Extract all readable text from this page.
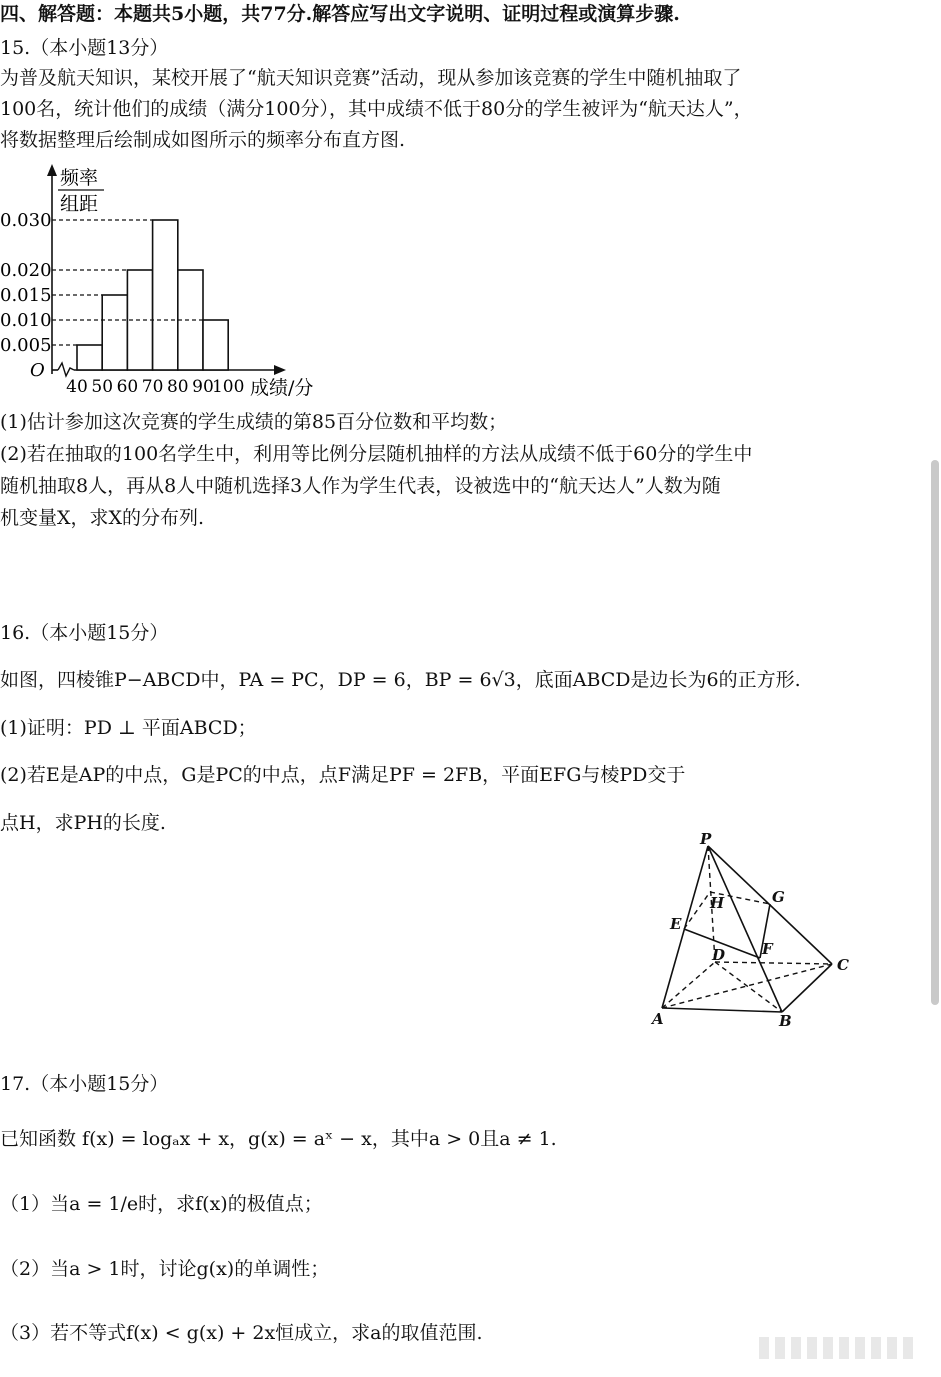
四、解答题：本题共5小题，共77分.解答应写出文字说明、证明过程或演算步骤.
15.（本小题13分）
为普及航天知识，某校开展了“航天知识竞赛”活动，现从参加该竞赛的学生中随机抽取了
100名，统计他们的成绩（满分100分），其中成绩不低于80分的学生被评为“航天达人”，
将数据整理后绘制成如图所示的频率分布直方图.
频率
组距
O
0.030
0.020
0.015
0.010
0.005
40 50 60 70 80 90
100 成绩/分
(1)估计参加这次竞赛的学生成绩的第85百分位数和平均数；
(2)若在抽取的100名学生中，利用等比例分层随机抽样的方法从成绩不低于60分的学生中
随机抽取8人，再从8人中随机选择3人作为学生代表，设被选中的“航天达人”人数为随
机变量X，求X的分布列.
16.（本小题15分）
如图，四棱锥P−ABCD中，PA = PC，DP = 6，BP = 6√3，底面ABCD是边长为6的正方形.
(1)证明：PD ⊥ 平面ABCD；
(2)若E是AP的中点，G是PC的中点，点F满足PF = 2FB，平面EFG与棱PD交于
点H，求PH的长度.
P
H	G
E
F
D
C
A	B
17.（本小题15分）
已知函数 f(x) = logₐx + x，g(x) = aˣ − x，其中a > 0且a ≠ 1.
（1）当a = 1/e时，求f(x)的极值点；
（2）当a > 1时，讨论g(x)的单调性；
（3）若不等式f(x) < g(x) + 2x恒成立，求a的取值范围.
